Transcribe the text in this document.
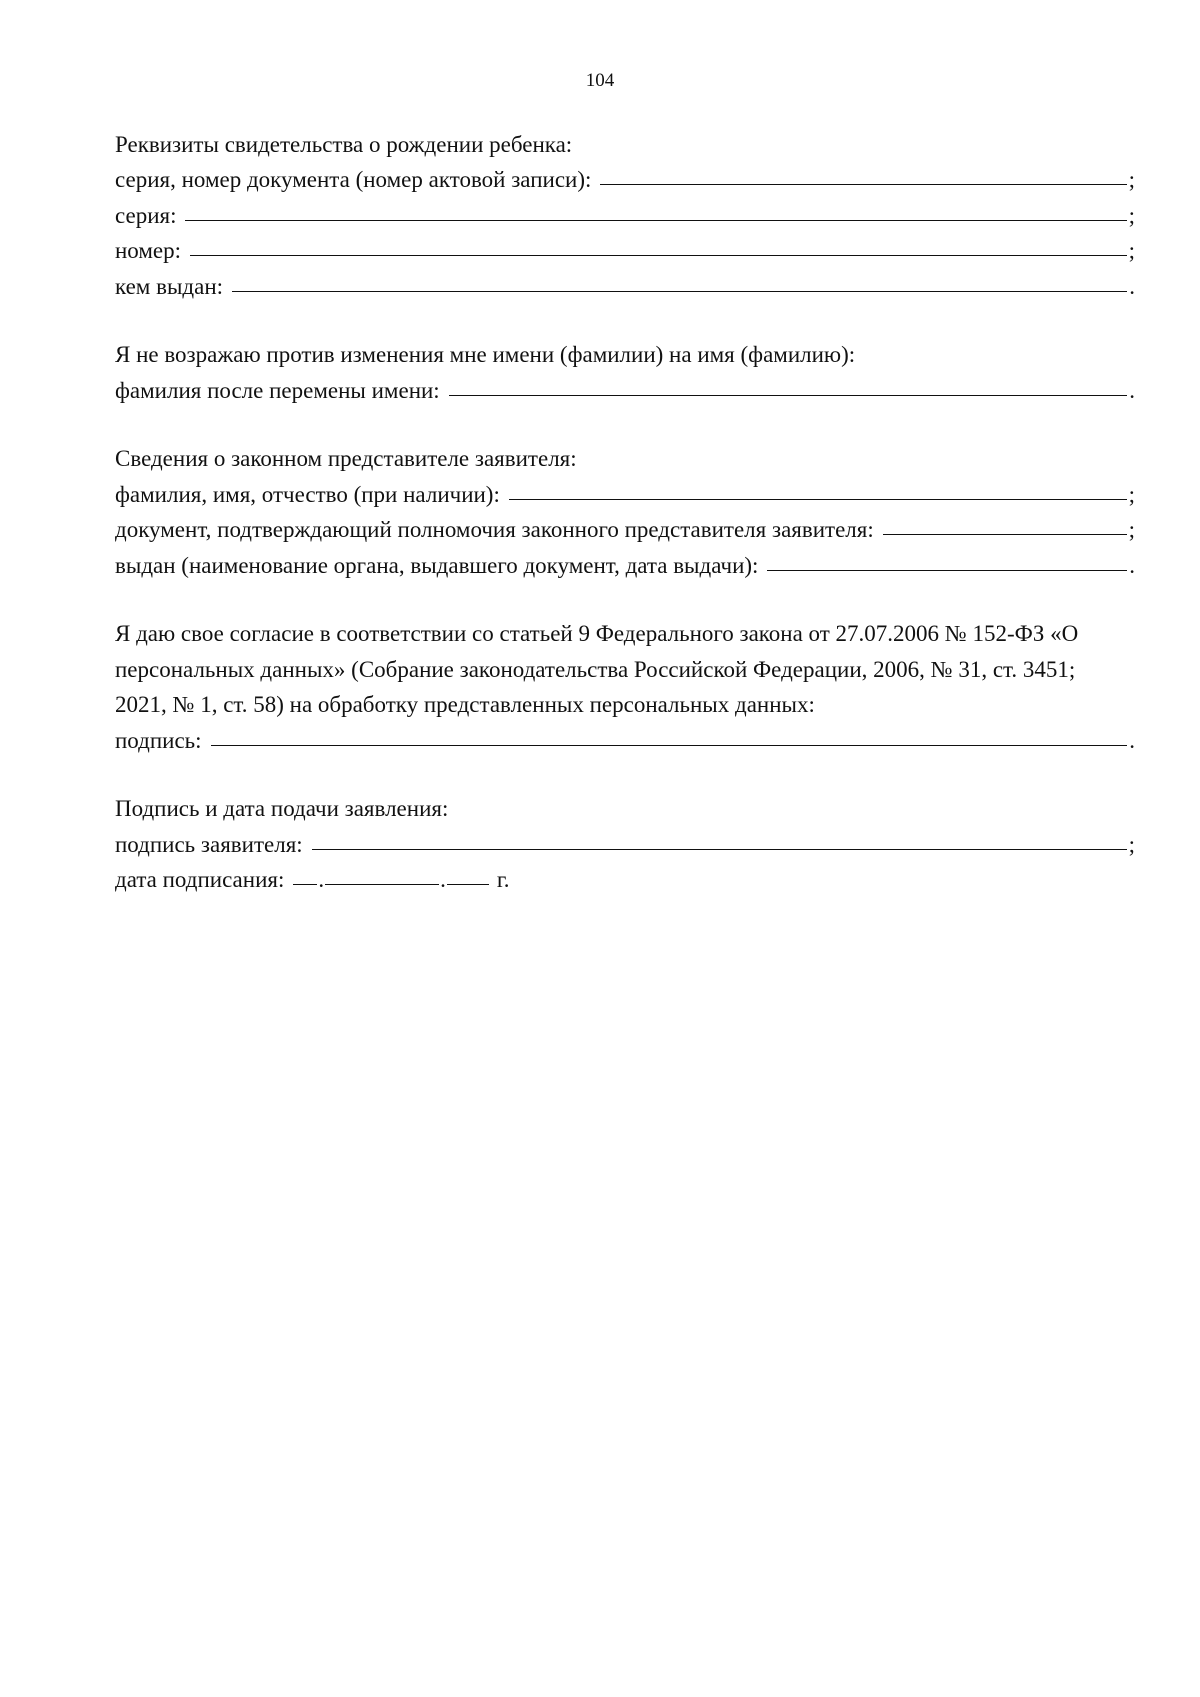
104
Реквизиты свидетельства о рождении ребенка:
серия, номер документа (номер актовой записи):	;
серия:	;
номер:	;
кем выдан:	.
Я не возражаю против изменения мне имени (фамилии) на имя (фамилию):
фамилия после перемены имени:	.
Сведения о законном представителе заявителя:
фамилия, имя, отчество (при наличии):	;
документ, подтверждающий полномочия законного представителя заявителя:	;
выдан (наименование органа, выдавшего документ, дата выдачи):	.
Я даю свое согласие в соответствии со статьей 9 Федерального закона от 27.07.2006 № 152-ФЗ «О
персональных данных» (Собрание законодательства Российской Федерации, 2006, № 31, ст. 3451;
2021, № 1, ст. 58) на обработку представленных персональных данных:
подпись:	.
Подпись и дата подачи заявления:
подпись заявителя:	;
дата подписания: .	. г.
